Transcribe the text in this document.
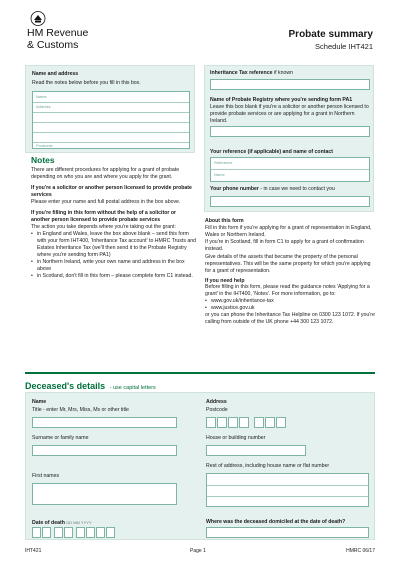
HM Revenue
& Customs
Probate summary
Schedule IHT421
Name and address
Read the notes below before you fill in this box.
Name
Address
Postcode
Notes
There are different procedures for applying for a grant of probate depending on who you are and where you apply for the grant.
If you're a solicitor or another person licensed to provide probate services
Please enter your name and full postal address in the box above.
If you're filling in this form without the help of a solicitor or another person licensed to provide probate services
The action you take depends where you're taking out the grant:
• in England and Wales, leave the box above blank – send this form with your form IHT400, 'Inheritance Tax account' to HMRC Trusts and Estates Inheritance Tax (we'll then send it to the Probate Registry where you're sending form PA1)
• in Northern Ireland, write your own name and address in the box above
• in Scotland, don't fill in this form – please complete form C1 instead.
Inheritance Tax reference if known
Name of Probate Registry where you're sending form PA1
Leave this box blank if you're a solicitor or another person licensed to provide probate services or are applying for a grant in Northern Ireland.
Your reference (if applicable) and name of contact
Reference
Name
Your phone number - in case we need to contact you
About this form
Fill in this form if you're applying for a grant of representation in England, Wales or Northern Ireland.
If you're in Scotland, fill in form C1 to apply for a grant of confirmation instead.
Give details of the assets that became the property of the personal representatives. This will be the same property for which you're applying for a grant of representation.
If you need help
Before filling in this form, please read the guidance notes 'Applying for a grant' in the IHT400, 'Notes'. For more information, go to:
• www.gov.uk/inheritance-tax
• www.justice.gov.uk
or you can phone the Inheritance Tax Helpline on 0300 123 1072. If you're calling from outside of the UK phone +44 300 123 1072.
Deceased's details - use capital letters
Name
Title - enter Mr, Mrs, Miss, Ms or other title
Surname or family name
First names
Date of death DD MM YYYY
Address
Postcode
House or building number
Rest of address, including house name or flat number
Where was the deceased domiciled at the date of death?
IHT421	Page 1	HMRC 06/17
